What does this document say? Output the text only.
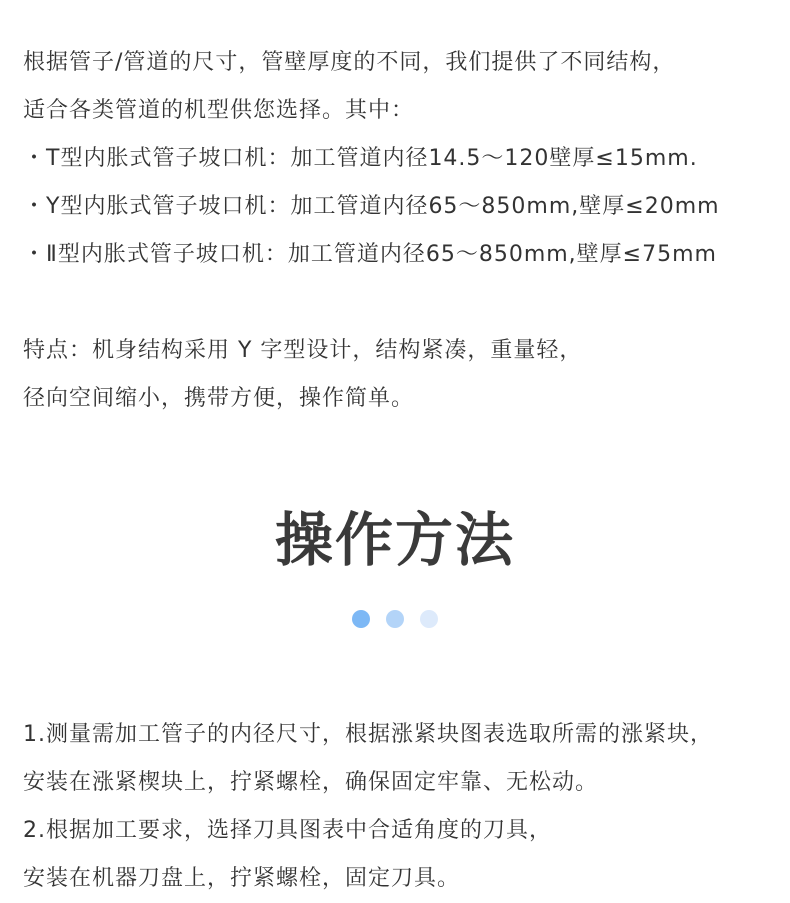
根据管子/管道的尺寸，管壁厚度的不同，我们提供了不同结构，
适合各类管道的机型供您选择。其中：
・T型内胀式管子坡口机：加工管道内径14.5～120壁厚≤15mm.
・Y型内胀式管子坡口机：加工管道内径65～850mm,壁厚≤20mm
・Ⅱ型内胀式管子坡口机：加工管道内径65～850mm,壁厚≤75mm
特点：机身结构采用 Y 字型设计，结构紧凑，重量轻，
径向空间缩小，携带方便，操作简单。
操作方法
1.测量需加工管子的内径尺寸，根据涨紧块图表选取所需的涨紧块，
安装在涨紧楔块上，拧紧螺栓，确保固定牢靠、无松动。
2.根据加工要求，选择刀具图表中合适角度的刀具，
安装在机器刀盘上，拧紧螺栓，固定刀具。
